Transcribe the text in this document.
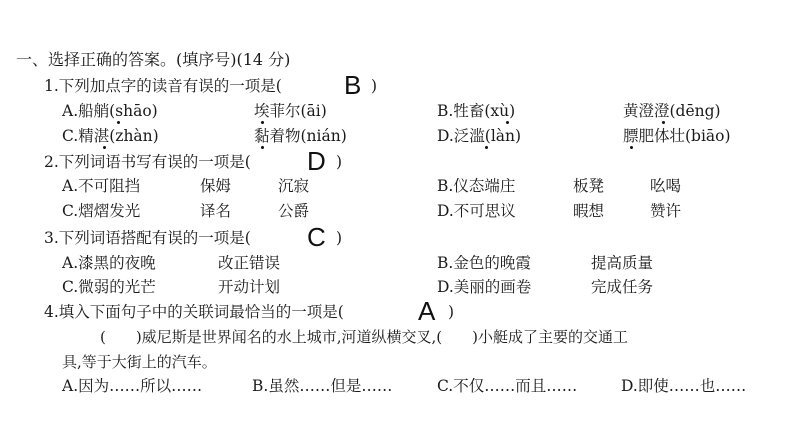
一、选择正确的答案。(填序号)(14 分)
1.下列加点字的读音有误的一项是( B )
A.船艄(shāo)	埃菲尔(āi)	B.牲畜(xù)	黄澄澄(dēng)
C.精湛(zhàn)	黏着物(nián)	D.泛滥(làn)	膘肥体壮(biāo)
2.下列词语书写有误的一项是( D )
A.不可阻挡	保姆	沉寂	B.仪态端庄	板凳	吆喝
C.熠熠发光	译名	公爵	D.不可思议	暇想	赞许
3.下列词语搭配有误的一项是( C )
A.漆黑的夜晚	改正错误	B.金色的晚霞	提高质量
C.微弱的光芒	开动计划	D.美丽的画卷	完成任务
4.填入下面句子中的关联词最恰当的一项是(	A )
(　　)威尼斯是世界闻名的水上城市,河道纵横交叉,(　　)小艇成了主要的交通工
具,等于大街上的汽车。
A.因为……所以……	B.虽然……但是……	C.不仅……而且……	D.即使……也……
